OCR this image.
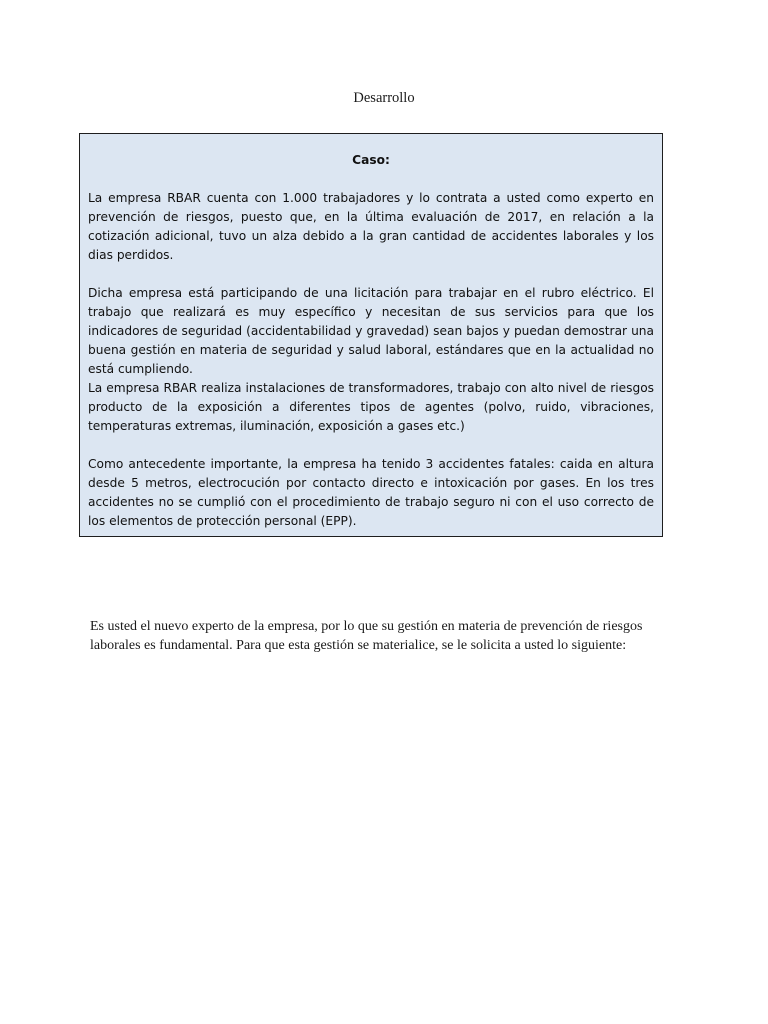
Desarrollo

Caso:

La empresa RBAR cuenta con 1.000 trabajadores y lo contrata a usted como experto en prevención de riesgos, puesto que, en la última evaluación de 2017, en relación a la cotización adicional, tuvo un alza debido a la gran cantidad de accidentes laborales y los dias perdidos.

Dicha empresa está participando de una licitación para trabajar en el rubro eléctrico. El trabajo que realizará es muy específico y necesitan de sus servicios para que los indicadores de seguridad (accidentabilidad y gravedad) sean bajos y puedan demostrar una buena gestión en materia de seguridad y salud laboral, estándares que en la actualidad no está cumpliendo.

La empresa RBAR realiza instalaciones de transformadores, trabajo con alto nivel de riesgos producto de la exposición a diferentes tipos de agentes (polvo, ruido, vibraciones, temperaturas extremas, iluminación, exposición a gases etc.)

Como antecedente importante, la empresa ha tenido 3 accidentes fatales: caida en altura desde 5 metros, electrocución por contacto directo e intoxicación por gases. En los tres accidentes no se cumplió con el procedimiento de trabajo seguro ni con el uso correcto de los elementos de protección personal (EPP).

Es usted el nuevo experto de la empresa, por lo que su gestión en materia de prevención de riesgos laborales es fundamental. Para que esta gestión se materialice, se le solicita a usted lo siguiente:
